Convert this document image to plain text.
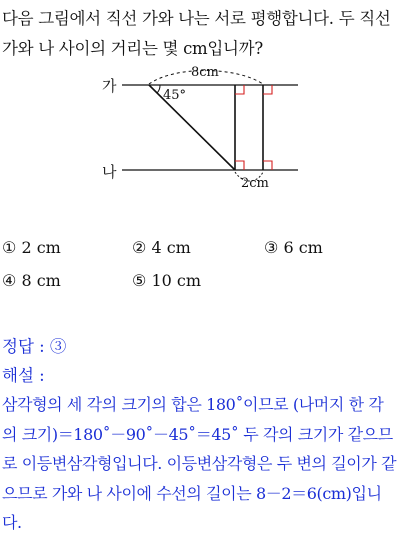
다음 그림에서 직선 가와 나는 서로 평행합니다. 두 직선 가와 나 사이의 거리는 몇 cm입니까?

가
나
45°
8cm
2cm
① 2 cm	② 4 cm	③ 6 cm
④ 8 cm	⑤ 10 cm
정답 : ③
해설 :

삼각형의 세 각의 크기의 합은 180˚이므로 (나머지 한 각의 크기)＝180˚－90˚－45˚＝45˚ 두 각의 크기가 같으므로 이등변삼각형입니다. 이등변삼각형은 두 변의 길이가 같으므로 가와 나 사이에 수선의 길이는 8－2＝6(cm)입니다.
